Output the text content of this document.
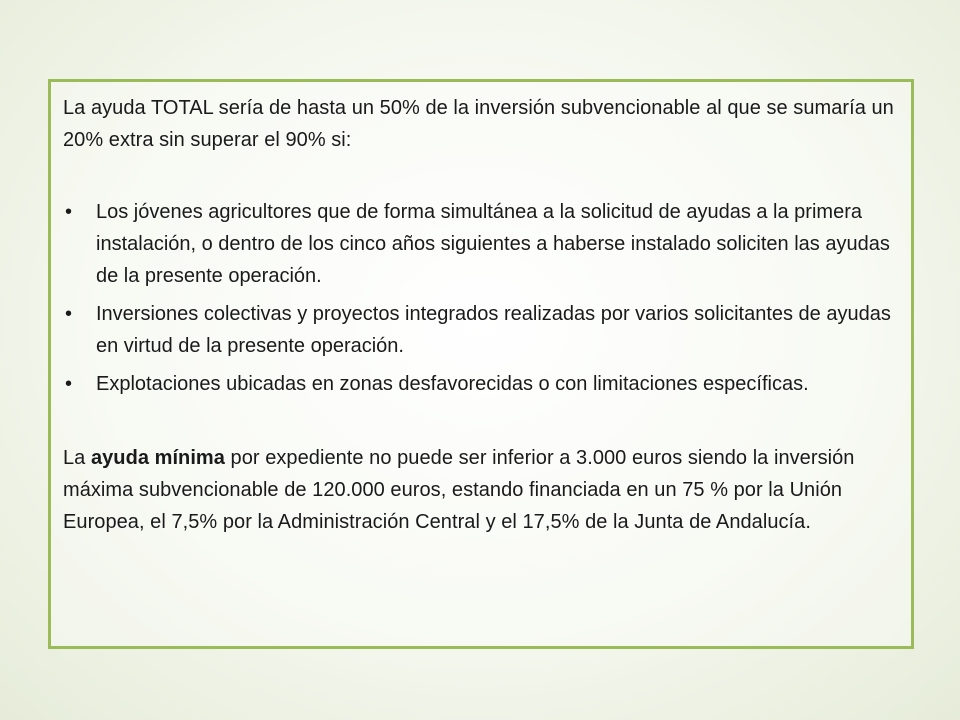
La ayuda TOTAL sería de hasta un 50% de la inversión subvencionable al que se sumaría un 20% extra sin superar el 90% si:

• Los jóvenes agricultores que de forma simultánea a la solicitud de ayudas a la primera instalación, o dentro de los cinco años siguientes a haberse instalado soliciten las ayudas de la presente operación.
• Inversiones colectivas y proyectos integrados realizadas por varios solicitantes de ayudas en virtud de la presente operación.
• Explotaciones ubicadas en zonas desfavorecidas o con limitaciones específicas.

La ayuda mínima por expediente no puede ser inferior a 3.000 euros siendo la inversión máxima subvencionable de 120.000 euros, estando financiada en un 75 % por la Unión Europea, el 7,5% por la Administración Central y el 17,5% de la Junta de Andalucía.
